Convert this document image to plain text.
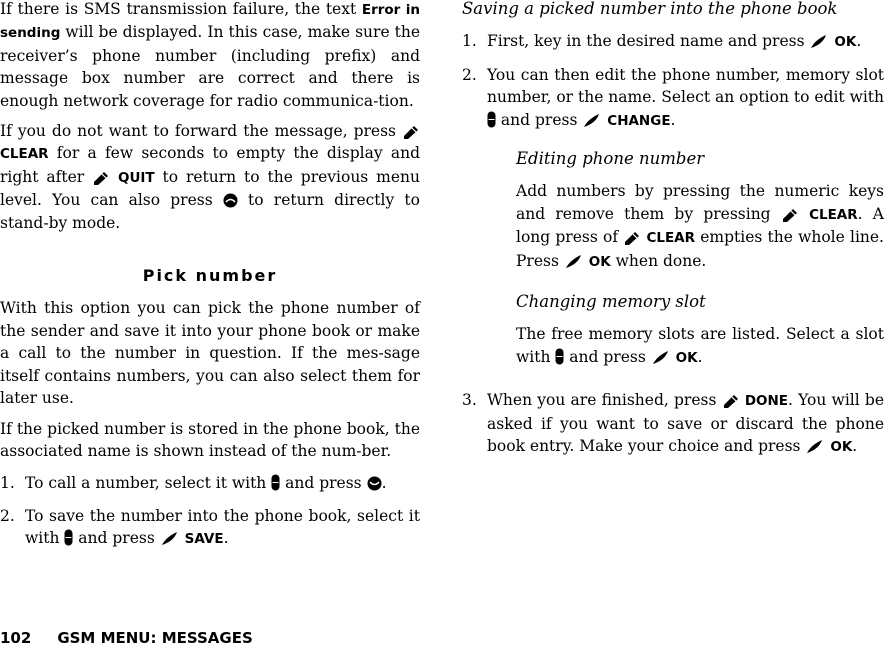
If there is SMS transmission failure, the text Error in sending will be displayed. In this case, make sure the receiver’s phone number (including prefix) and message box number are correct and there is enough network coverage for radio communica-tion.

If you do not want to forward the message, press  CLEAR for a few seconds to empty the display and right after  QUIT to return to the previous menu level. You can also press  to return directly to stand-by mode.

Pick number

With this option you can pick the phone number of the sender and save it into your phone book or make a call to the number in question. If the mes-sage itself contains numbers, you can also select them for later use.

If the picked number is stored in the phone book, the associated name is shown instead of the num-ber.

1. To call a number, select it with  and press .
2. To save the number into the phone book, select it with  and press  SAVE.
Saving a picked number into the phone book
1. First, key in the desired name and press  OK.
2. You can then edit the phone number, memory slot number, or the name. Select an option to edit with  and press  CHANGE.
Editing phone number

Add numbers by pressing the numeric keys and remove them by pressing  CLEAR. A long press of  CLEAR empties the whole line. Press  OK when done.

Changing memory slot

The free memory slots are listed. Select a slot with  and press  OK.

3. When you are finished, press  DONE. You will be asked if you want to save or discard the phone book entry. Make your choice and press  OK.
102 GSM MENU: MESSAGES
